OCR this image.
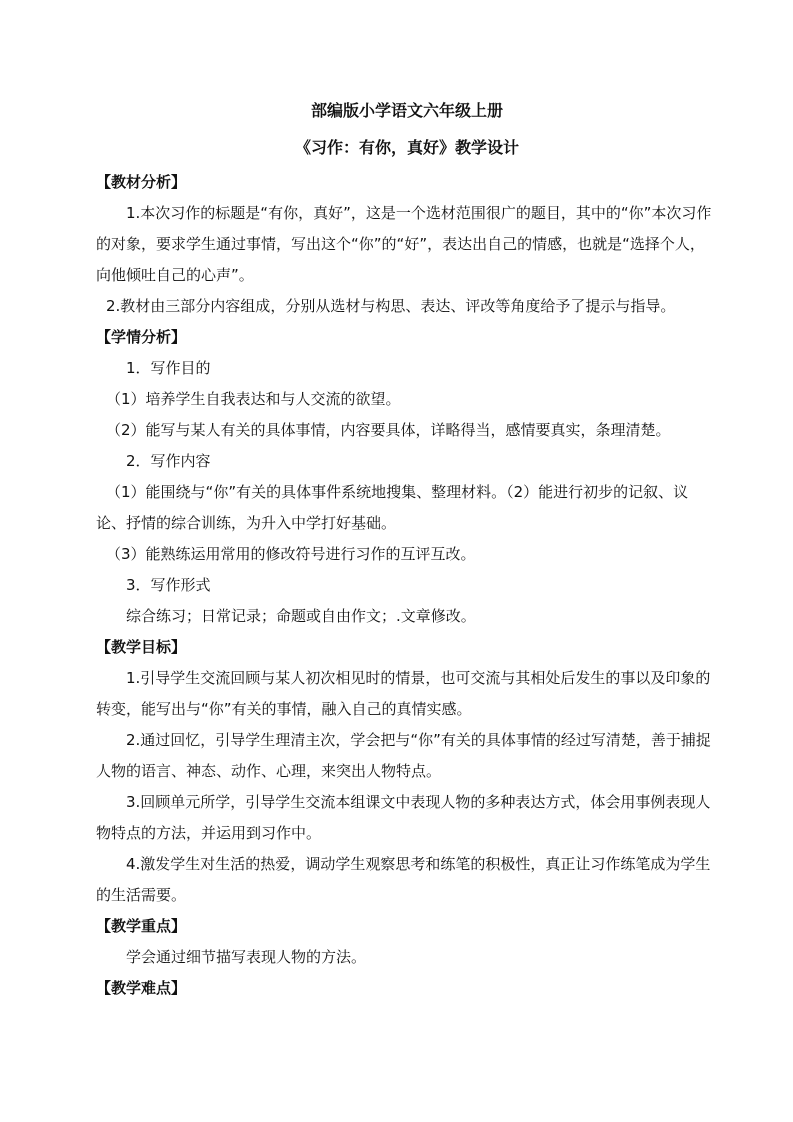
部编版小学语文六年级上册
《习作：有你，真好》教学设计
【教材分析】

1.本次习作的标题是“有你，真好”，这是一个选材范围很广的题目，其中的“你”本次习作的对象，要求学生通过事情，写出这个“你”的“好”，表达出自己的情感，也就是“选择个人，向他倾吐自己的心声”。

2.教材由三部分内容组成，分别从选材与构思、表达、评改等角度给予了提示与指导。

【学情分析】

1．写作目的

（1）培养学生自我表达和与人交流的欲望。

（2）能写与某人有关的具体事情，内容要具体，详略得当，感情要真实，条理清楚。

2．写作内容

（1）能围绕与“你”有关的具体事件系统地搜集、整理材料。（2）能进行初步的记叙、议论、抒情的综合训练，为升入中学打好基础。

（3）能熟练运用常用的修改符号进行习作的互评互改。

3．写作形式

综合练习；日常记录；命题或自由作文；.文章修改。

【教学目标】

1.引导学生交流回顾与某人初次相见时的情景，也可交流与其相处后发生的事以及印象的转变，能写出与“你”有关的事情，融入自己的真情实感。

2.通过回忆，引导学生理清主次，学会把与“你”有关的具体事情的经过写清楚，善于捕捉人物的语言、神态、动作、心理，来突出人物特点。

3.回顾单元所学，引导学生交流本组课文中表现人物的多种表达方式，体会用事例表现人物特点的方法，并运用到习作中。

4.激发学生对生活的热爱，调动学生观察思考和练笔的积极性，真正让习作练笔成为学生的生活需要。

【教学重点】

学会通过细节描写表现人物的方法。

【教学难点】
